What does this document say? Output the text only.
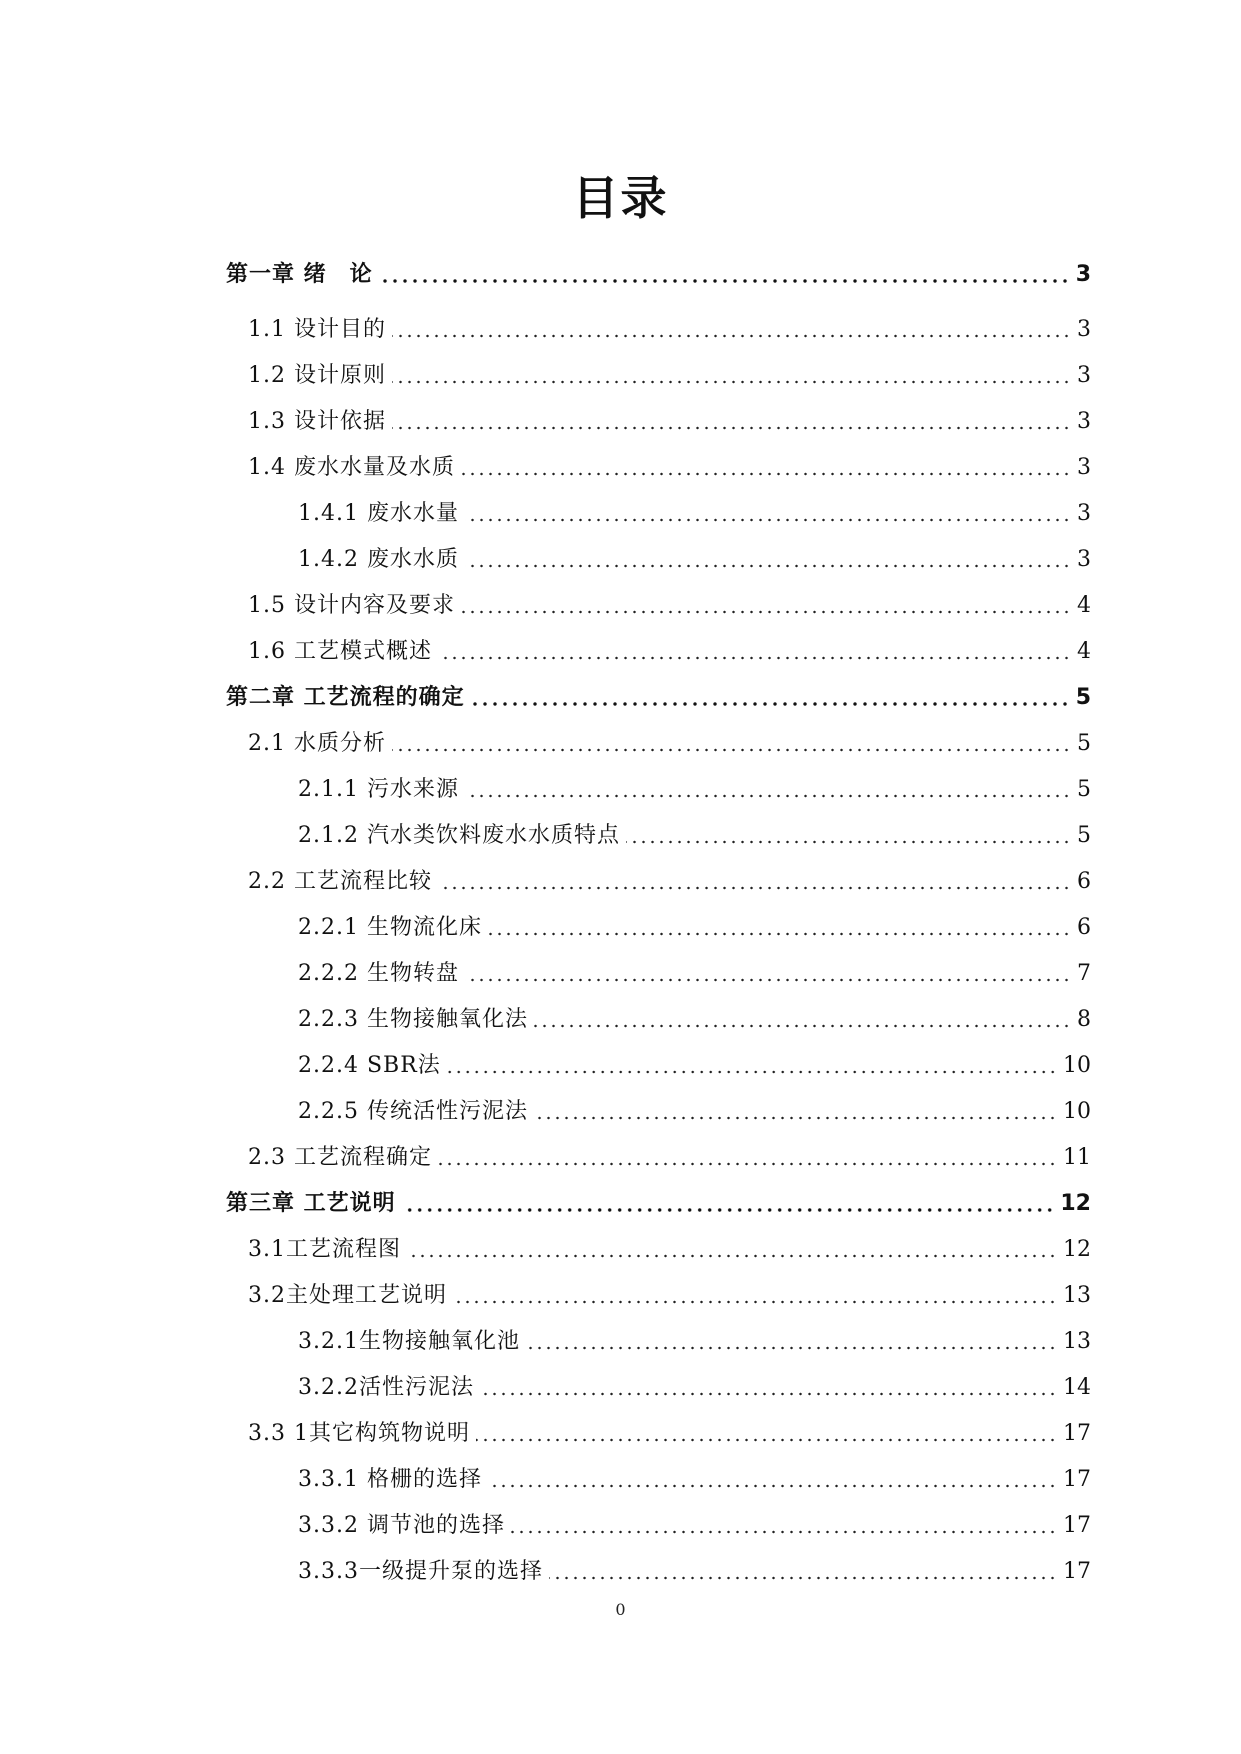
目录
第一章 绪　论	3
1.1 设计目的	3
1.2 设计原则	3
1.3 设计依据	3
1.4 废水水量及水质	3
1.4.1 废水水量	3
1.4.2 废水水质	3
1.5 设计内容及要求	4
1.6 工艺模式概述	4
第二章 工艺流程的确定	5
2.1 水质分析	5
2.1.1 污水来源	5
2.1.2 汽水类饮料废水水质特点	5
2.2 工艺流程比较	6
2.2.1 生物流化床	6
2.2.2 生物转盘	7
2.2.3 生物接触氧化法	8
2.2.4 SBR法	10
2.2.5 传统活性污泥法	10
2.3 工艺流程确定	11
第三章 工艺说明	12
3.1工艺流程图	12
3.2主处理工艺说明	13
3.2.1生物接触氧化池	13
3.2.2活性污泥法	14
3.3 1其它构筑物说明	17
3.3.1 格栅的选择	17
3.3.2 调节池的选择	17
3.3.3一级提升泵的选择	17
0
